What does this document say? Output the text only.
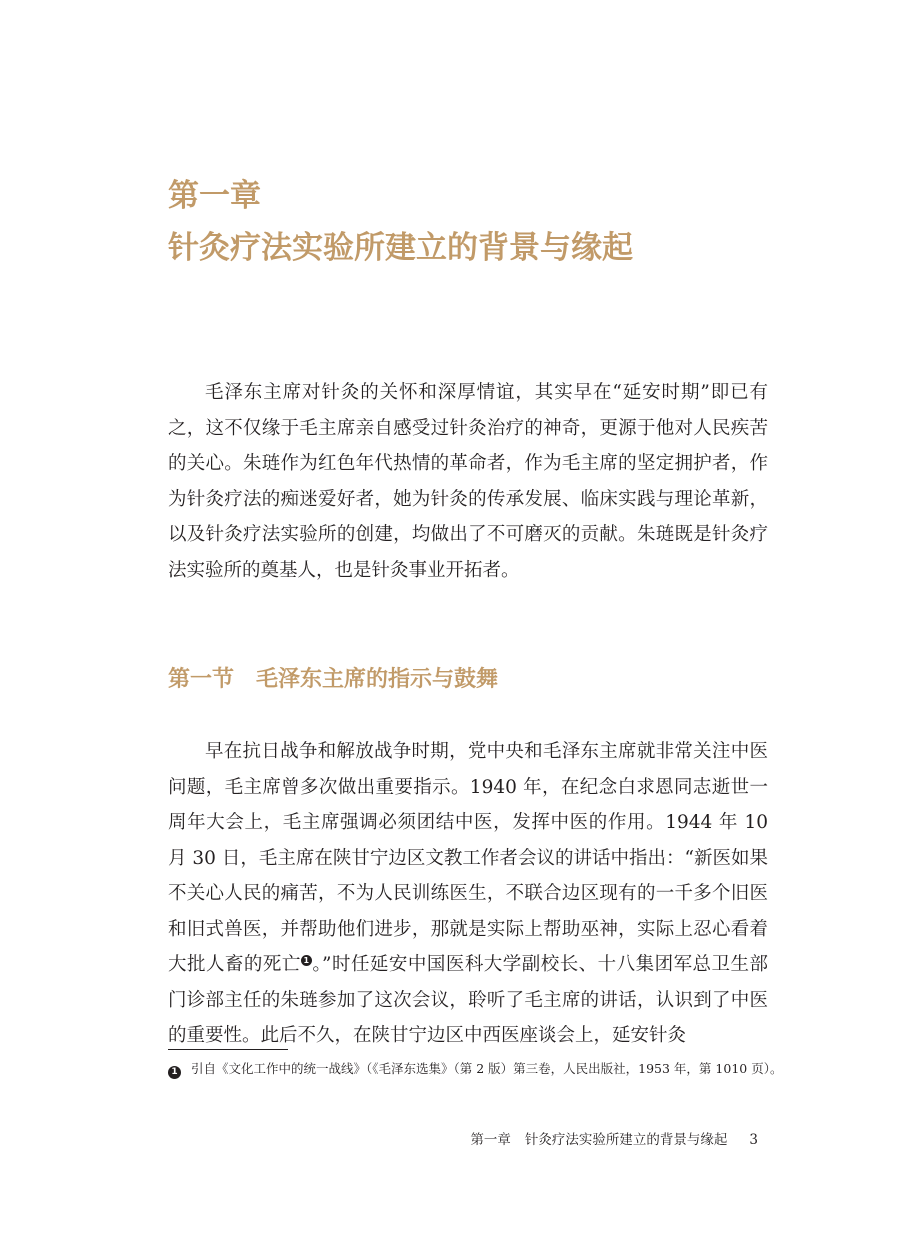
第一章
针灸疗法实验所建立的背景与缘起

毛泽东主席对针灸的关怀和深厚情谊，其实早在“延安时期”即已有之，这不仅缘于毛主席亲自感受过针灸治疗的神奇，更源于他对人民疾苦的关心。朱琏作为红色年代热情的革命者，作为毛主席的坚定拥护者，作为针灸疗法的痴迷爱好者，她为针灸的传承发展、临床实践与理论革新，以及针灸疗法实验所的创建，均做出了不可磨灭的贡献。朱琏既是针灸疗法实验所的奠基人，也是针灸事业开拓者。

第一节 毛泽东主席的指示与鼓舞

早在抗日战争和解放战争时期，党中央和毛泽东主席就非常关注中医问题，毛主席曾多次做出重要指示。1940 年，在纪念白求恩同志逝世一周年大会上，毛主席强调必须团结中医，发挥中医的作用。1944 年 10 月 30 日，毛主席在陕甘宁边区文教工作者会议的讲话中指出：“新医如果不关心人民的痛苦，不为人民训练医生，不联合边区现有的一千多个旧医和旧式兽医，并帮助他们进步，那就是实际上帮助巫神，实际上忍心看着大批人畜的死亡 1 。”时任延安中国医科大学副校长、十八集团军总卫生部门诊部主任的朱琏参加了这次会议，聆听了毛主席的讲话，认识到了中医的重要性。此后不久，在陕甘宁边区中西医座谈会上，延安针灸

1 引自《文化工作中的统一战线》（《毛泽东选集》（第 2 版）第三卷，人民出版社，1953 年，第 1010 页）。

第一章 针灸疗法实验所建立的背景与缘起 3
